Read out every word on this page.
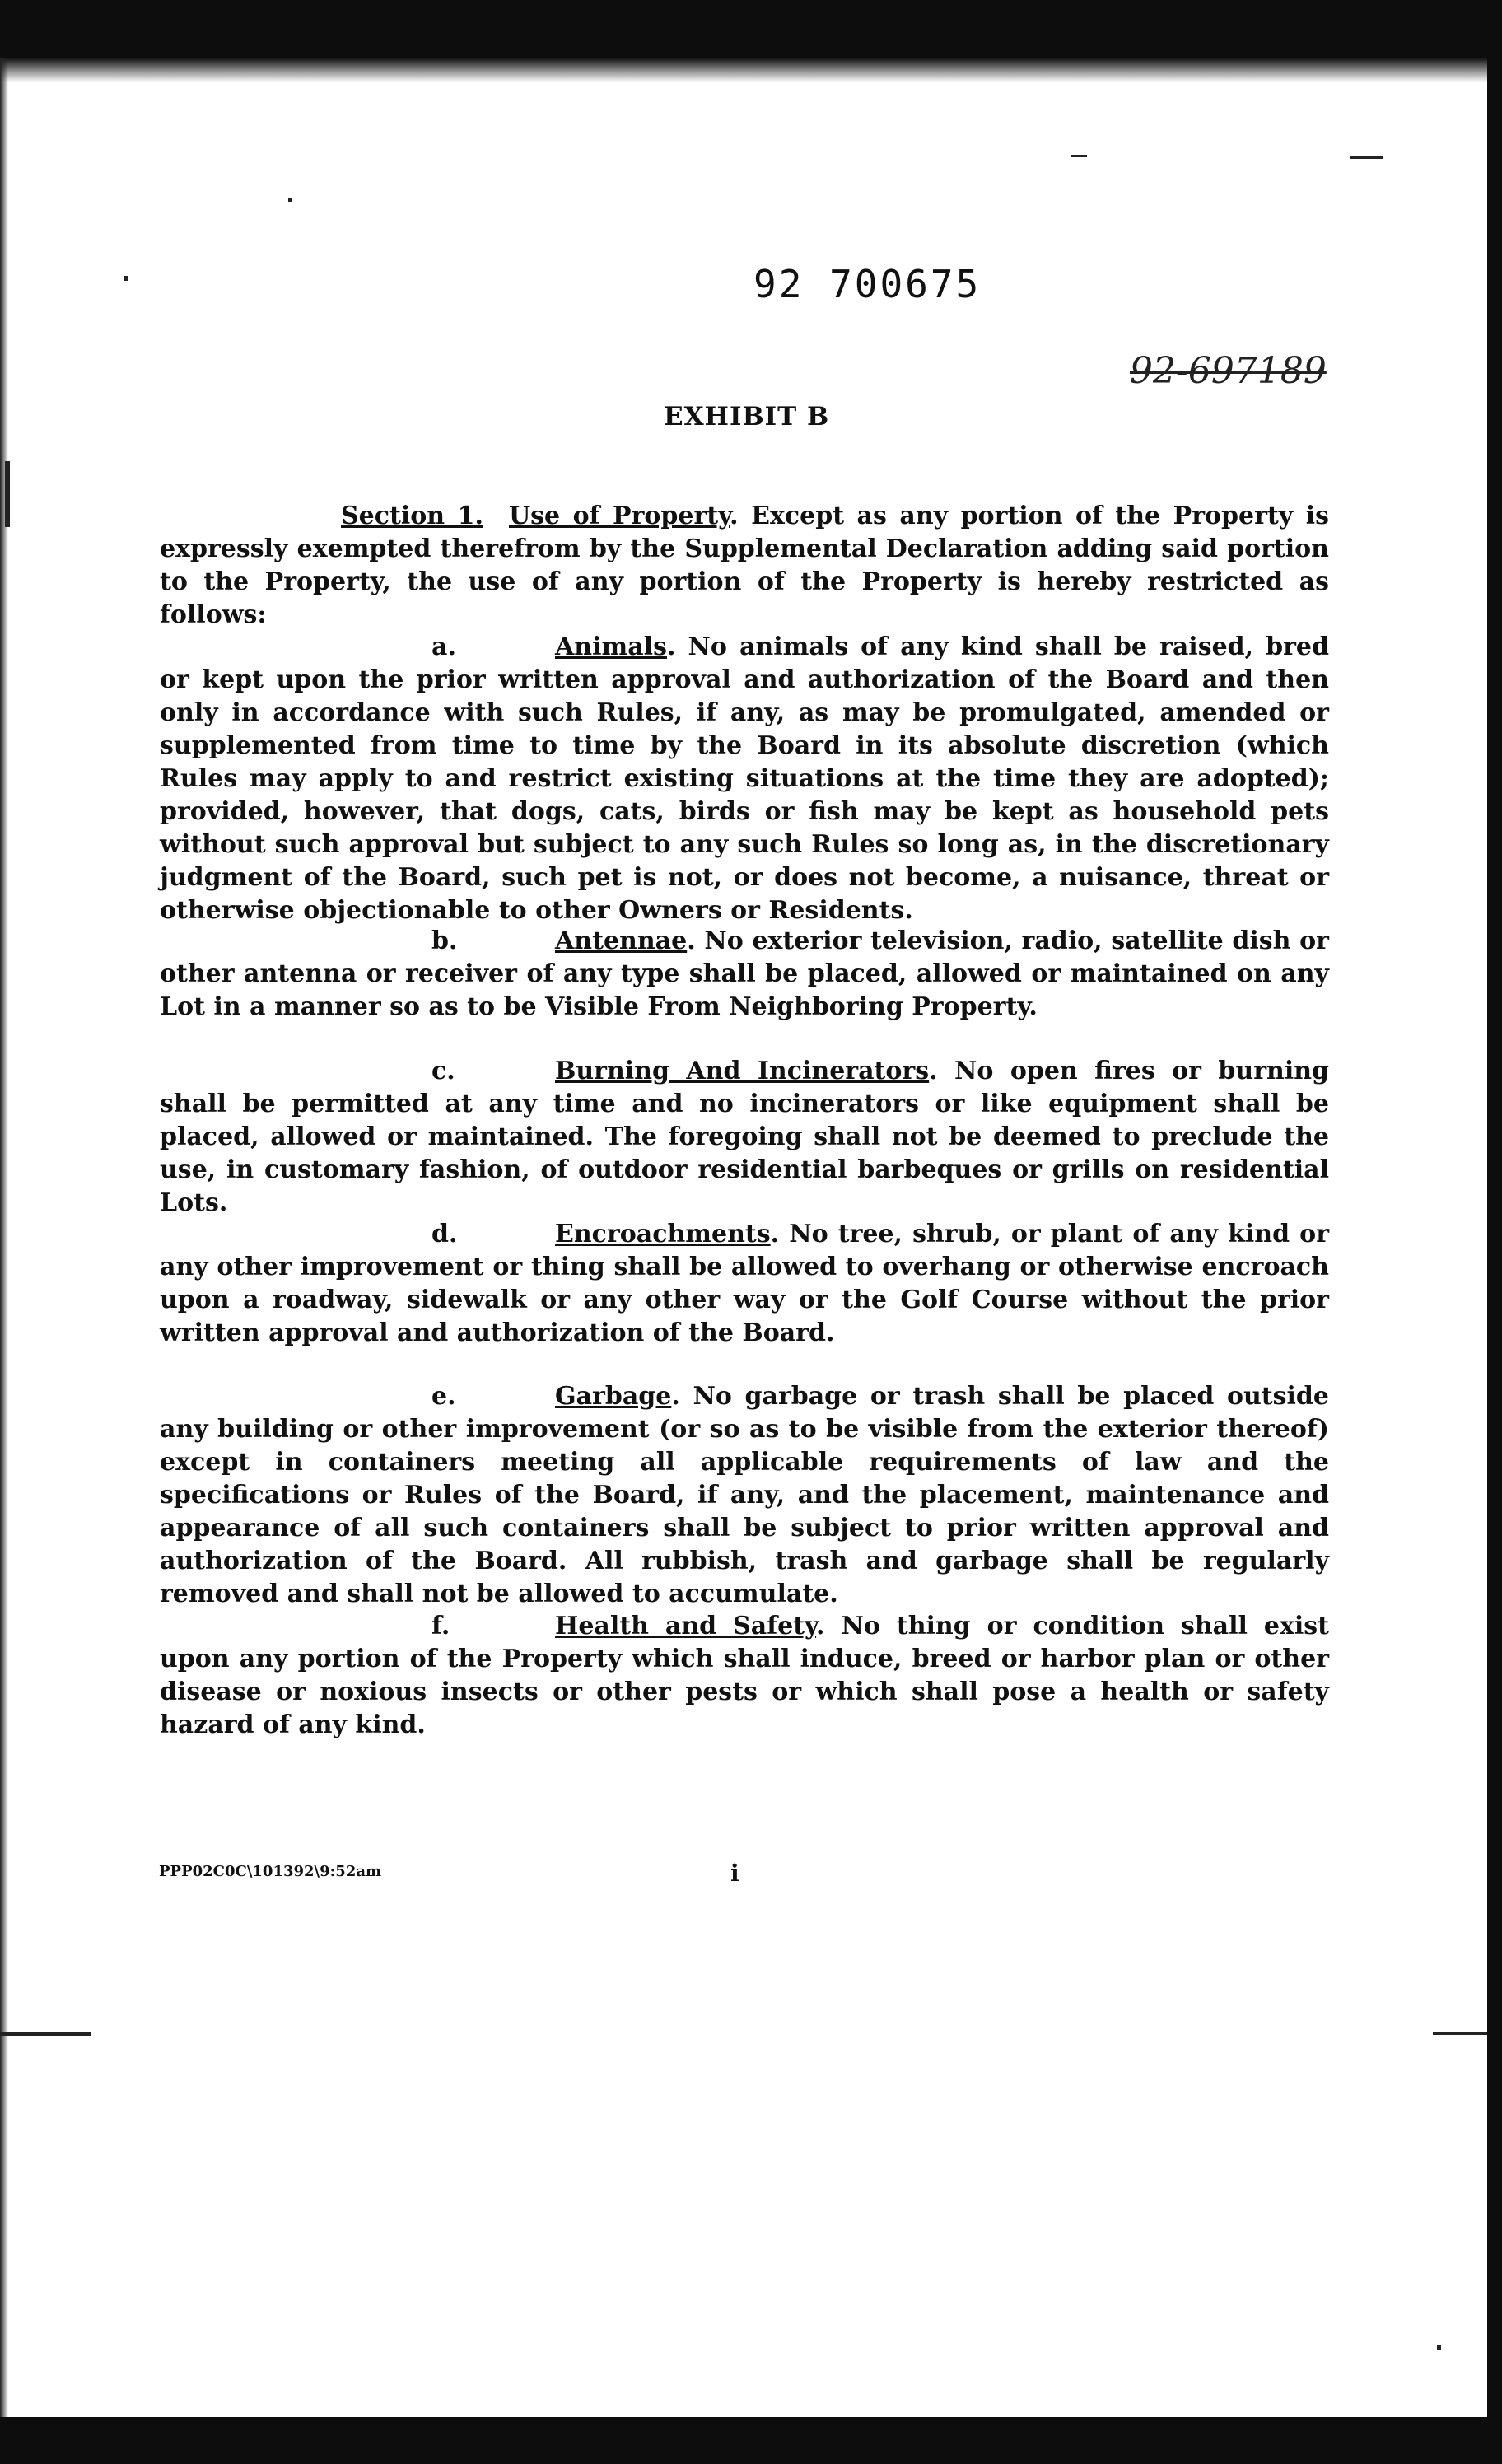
92 700675
92-697189
EXHIBIT B
Section 1. Use of Property. Except as any portion of the Property is expressly exempted therefrom by the Supplemental Declaration adding said portion to the Property, the use of any portion of the Property is hereby restricted as follows:
a.	Animals. No animals of any kind shall be raised, bred or kept upon the prior written approval and authorization of the Board and then only in accordance with such Rules, if any, as may be promulgated, amended or supplemented from time to time by the Board in its absolute discretion (which Rules may apply to and restrict existing situations at the time they are adopted); provided, however, that dogs, cats, birds or fish may be kept as household pets without such approval but subject to any such Rules so long as, in the discretionary judgment of the Board, such pet is not, or does not become, a nuisance, threat or otherwise objectionable to other Owners or Residents.
b.	Antennae. No exterior television, radio, satellite dish or other antenna or receiver of any type shall be placed, allowed or maintained on any Lot in a manner so as to be Visible From Neighboring Property.
c.	Burning And Incinerators. No open fires or burning shall be permitted at any time and no incinerators or like equipment shall be placed, allowed or maintained. The foregoing shall not be deemed to preclude the use, in customary fashion, of outdoor residential barbeques or grills on residential Lots.
d.	Encroachments. No tree, shrub, or plant of any kind or any other improvement or thing shall be allowed to overhang or otherwise encroach upon a roadway, sidewalk or any other way or the Golf Course without the prior written approval and authorization of the Board.
e.	Garbage. No garbage or trash shall be placed outside any building or other improvement (or so as to be visible from the exterior thereof) except in containers meeting all applicable requirements of law and the specifications or Rules of the Board, if any, and the placement, maintenance and appearance of all such containers shall be subject to prior written approval and authorization of the Board. All rubbish, trash and garbage shall be regularly removed and shall not be allowed to accumulate.
f.	Health and Safety. No thing or condition shall exist upon any portion of the Property which shall induce, breed or harbor plan or other disease or noxious insects or other pests or which shall pose a health or safety hazard of any kind.
PPP02C0C\101392\9:52am	i
